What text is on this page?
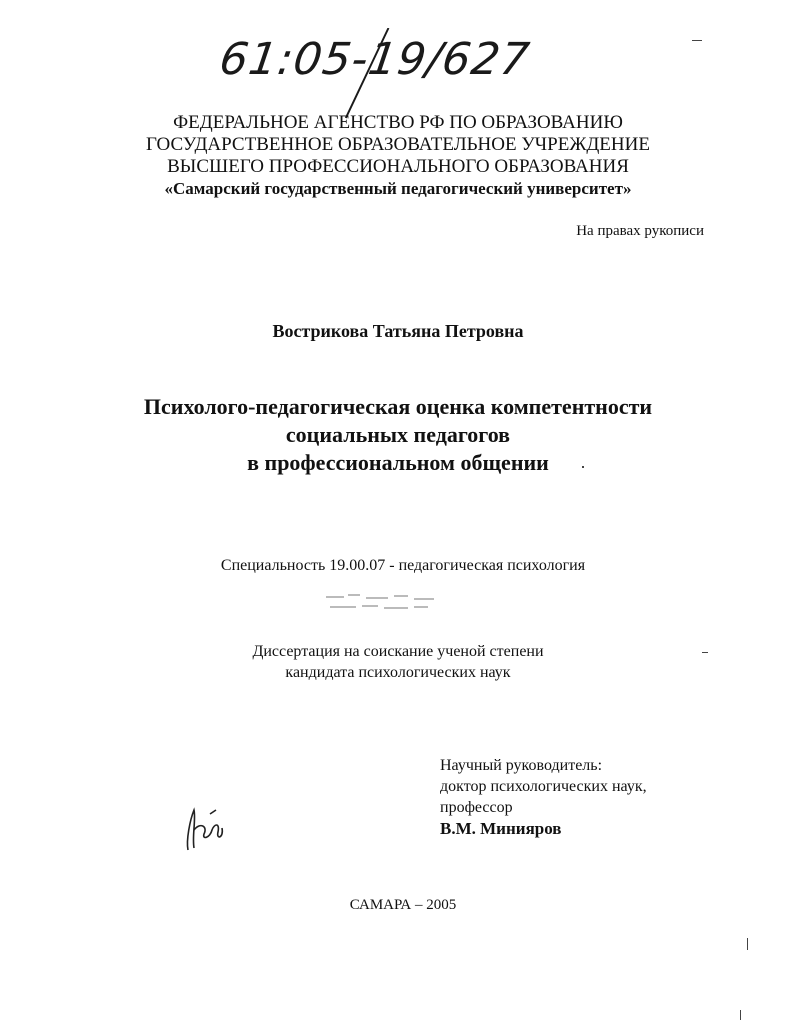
61:05-19/627
ФЕДЕРАЛЬНОЕ АГЕНСТВО РФ ПО ОБРАЗОВАНИЮ
ГОСУДАРСТВЕННОЕ ОБРАЗОВАТЕЛЬНОЕ УЧРЕЖДЕНИЕ
ВЫСШЕГО ПРОФЕССИОНАЛЬНОГО ОБРАЗОВАНИЯ
«Самарский государственный педагогический университет»
На правах рукописи
Вострикова Татьяна Петровна
Психолого-педагогическая оценка компетентности
социальных педагогов
в профессиональном общении
Специальность 19.00.07 - педагогическая психология
Диссертация на соискание ученой степени
кандидата психологических наук
Научный руководитель:
доктор психологических наук,
профессор
В.М. Минияров
САМАРА – 2005
